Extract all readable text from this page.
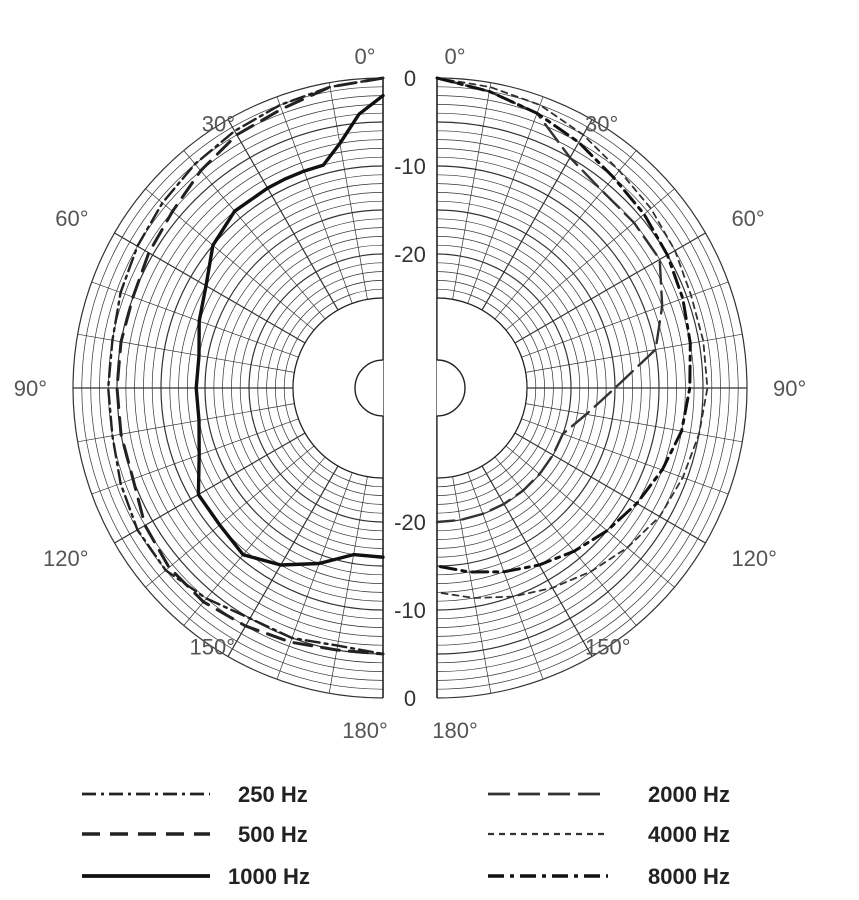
0°
30°
60°
90°
120°
150°
180°
0°
30°
60°
90°
120°
150°
180°
0
-10
-20
-20
-10
0
250 Hz
500 Hz
1000 Hz
2000 Hz
4000 Hz
8000 Hz
